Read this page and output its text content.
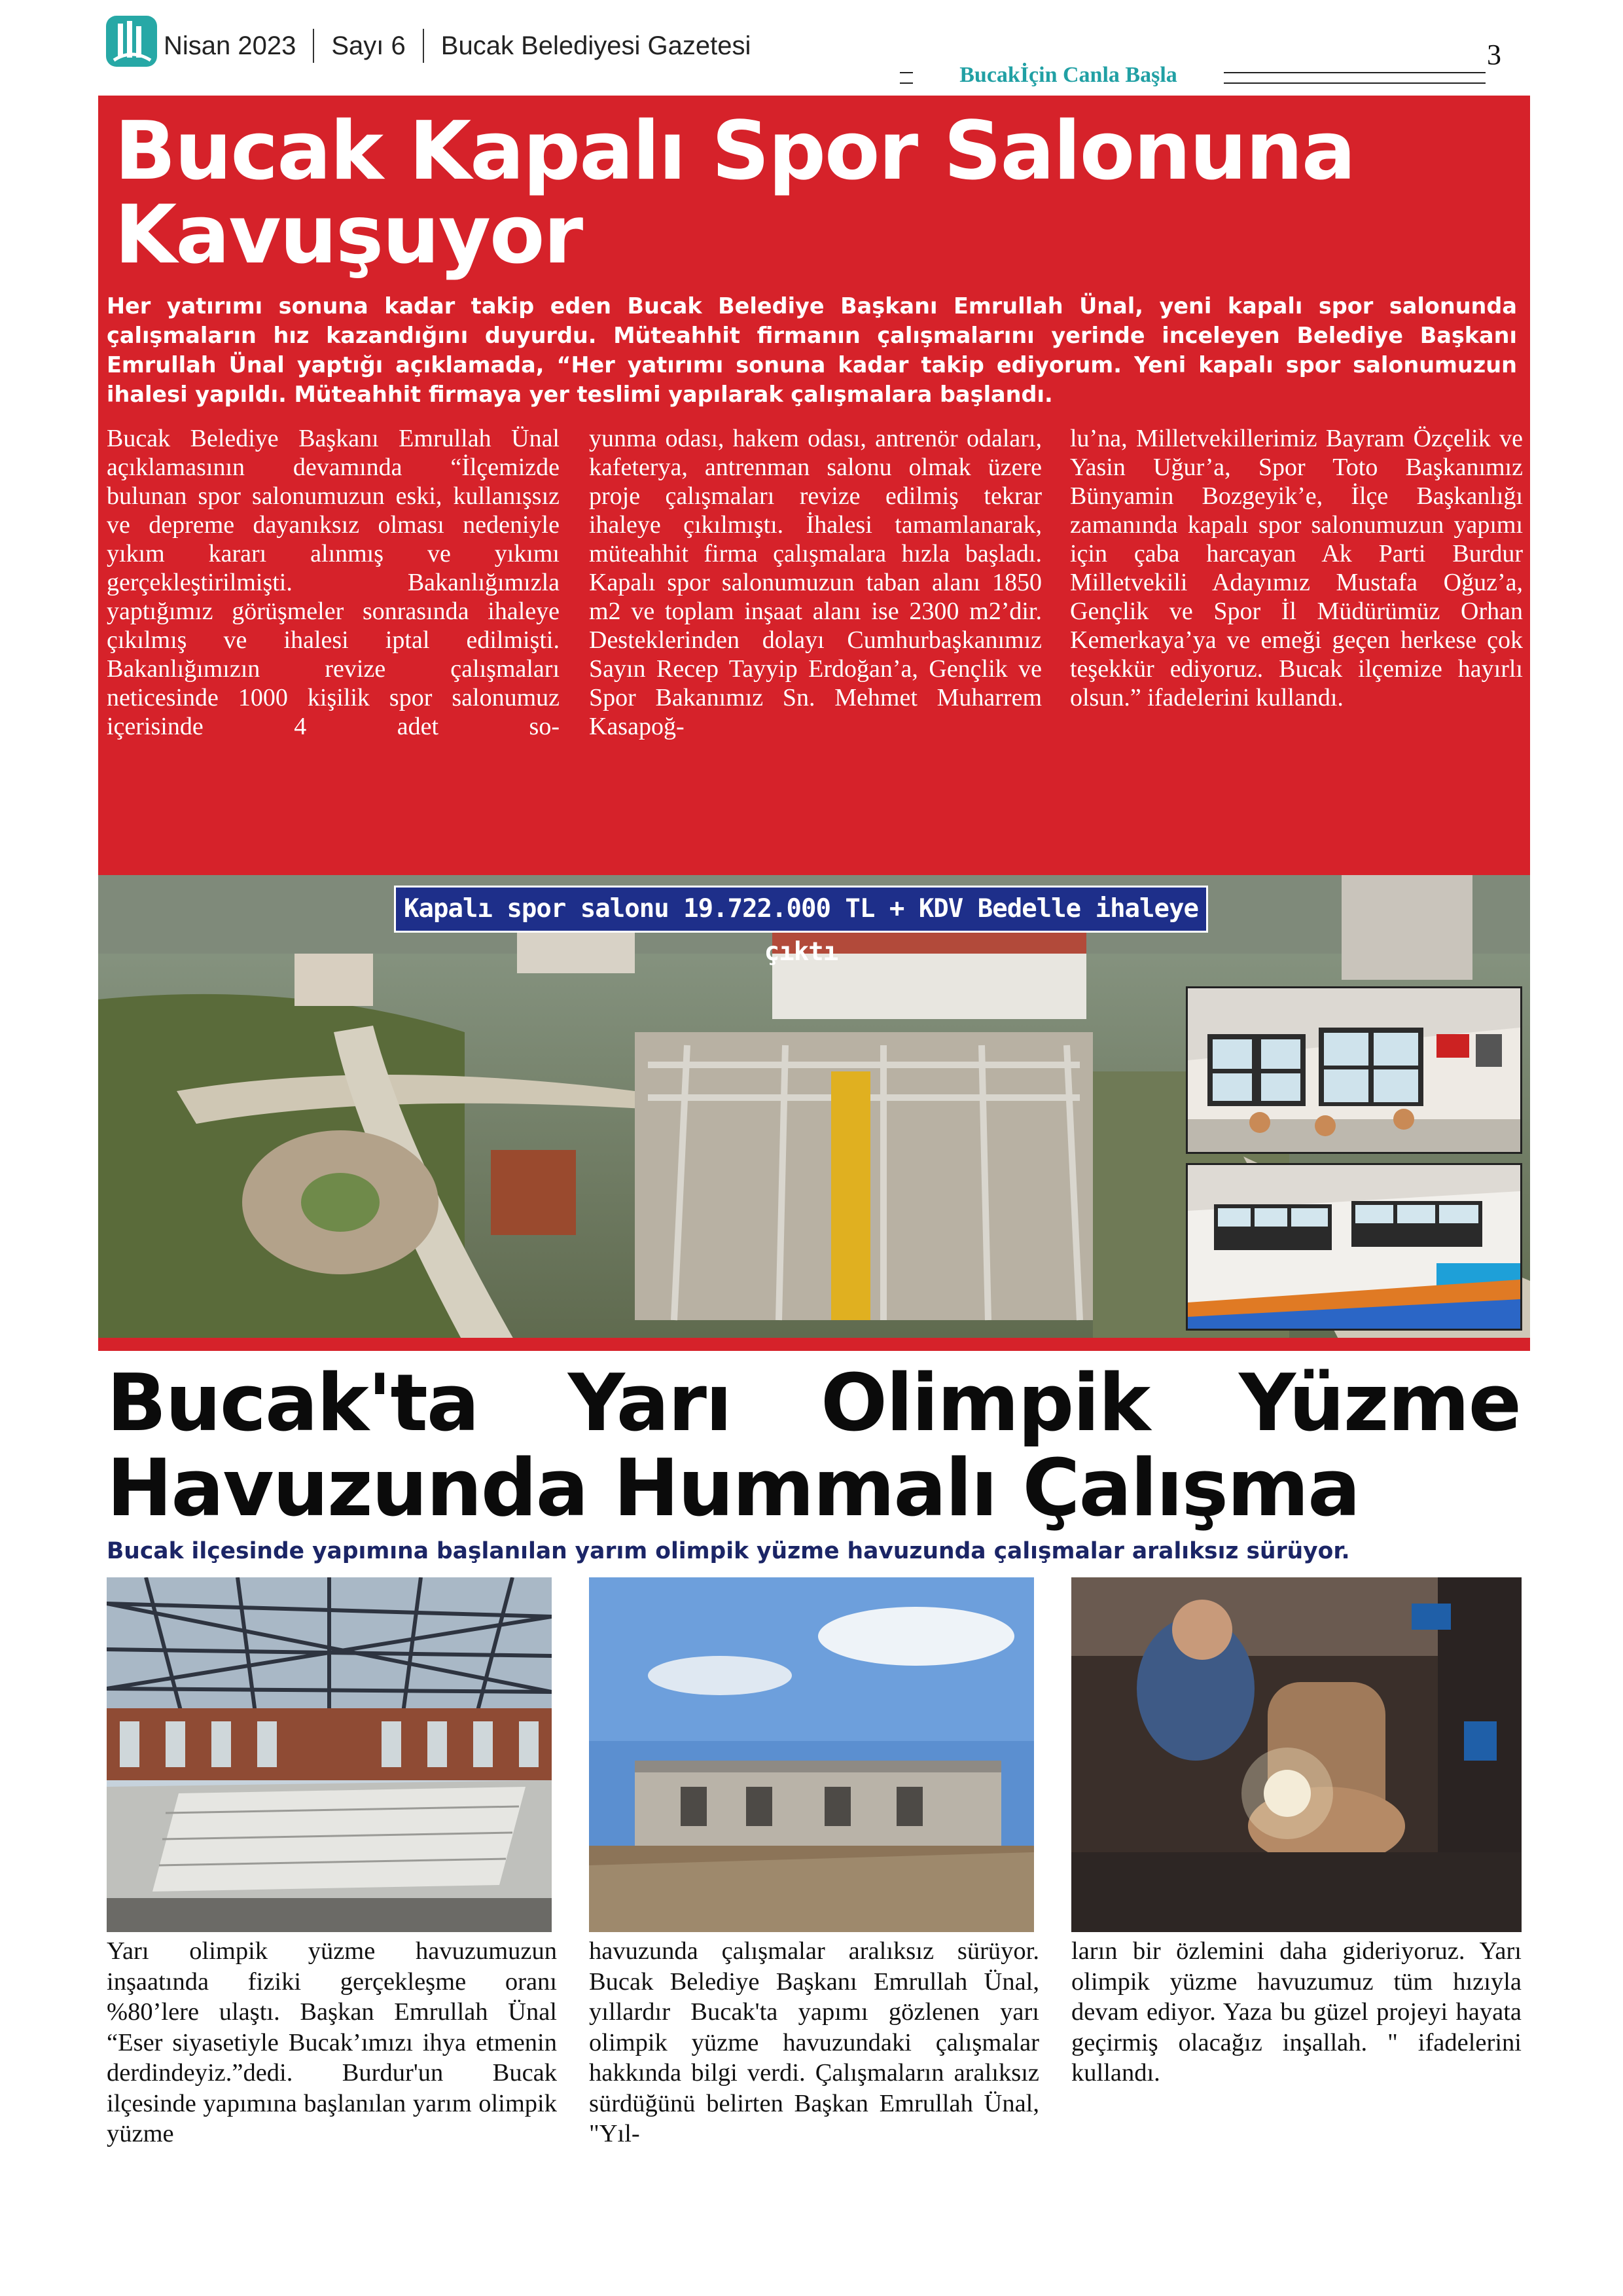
Nisan 2023 Sayı 6 Bucak Belediyesi Gazetesi	3
Bucakİçin Canla Başla
Bucak Kapalı Spor Salonuna Kavuşuyor
Her yatırımı sonuna kadar takip eden Bucak Belediye Başkanı Emrullah Ünal, yeni kapalı spor salonunda çalışmaların hız kazandığını duyurdu. Müteahhit firmanın çalışmalarını yerinde inceleyen Belediye Başkanı Emrullah Ünal yaptığı açıklamada, “Her yatırımı sonuna kadar takip ediyorum. Yeni kapalı spor salonumuzun ihalesi yapıldı. Müteahhit firmaya yer teslimi yapılarak çalışmalara başlandı.
Bucak Belediye Başkanı Emrullah Ünal açıklamasının devamında “İlçemizde bulunan spor salonumuzun eski, kullanışsız ve depreme dayanıksız olması nedeniyle yıkım kararı alınmış ve yıkımı gerçekleştirilmişti. Bakanlığımızla yaptığımız görüşmeler sonrasında ihaleye çıkılmış ve ihalesi iptal edilmişti. Bakanlığımızın revize çalışmaları neticesinde 1000 kişilik spor salonumuz içerisinde 4 adet so-
yunma odası, hakem odası, antrenör odaları, kafeterya, antrenman salonu olmak üzere proje çalışmaları revize edilmiş tekrar ihaleye çıkılmıştı. İhalesi tamamlanarak, müteahhit firma çalışmalara hızla başladı. Kapalı spor salonumuzun taban alanı 1850 m2 ve toplam inşaat alanı ise 2300 m2’dir. Desteklerinden dolayı Cumhurbaşkanımız Sayın Recep Tayyip Erdoğan’a, Gençlik ve Spor Bakanımız Sn. Mehmet Muharrem Kasapoğ-
lu’na, Milletvekillerimiz Bayram Özçelik ve Yasin Uğur’a, Spor Toto Başkanımız Bünyamin Bozgeyik’e, İlçe Başkanlığı zamanında kapalı spor salonumuzun yapımı için çaba harcayan Ak Parti Burdur Milletvekili Adayımız Mustafa Oğuz’a, Gençlik ve Spor İl Müdürümüz Orhan Kemerkaya’ya ve emeği geçen herkese çok teşekkür ediyoruz. Bucak ilçemize hayırlı olsun.” ifadelerini kullandı.
Kapalı spor salonu 19.722.000 TL + KDV Bedelle ihaleye çıktı
Bucak'ta Yarı Olimpik Yüzme
Havuzunda Hummalı Çalışma
Bucak ilçesinde yapımına başlanılan yarım olimpik yüzme havuzunda çalışmalar aralıksız sürüyor.
Yarı olimpik yüzme havuzumuzun inşaatında fiziki gerçekleşme oranı %80’lere ulaştı. Başkan Emrullah Ünal “Eser siyasetiyle Bucak’ımızı ihya etmenin derdindeyiz.”dedi. Burdur'un Bucak ilçesinde yapımına başlanılan yarım olimpik yüzme
havuzunda çalışmalar aralıksız sürüyor. Bucak Belediye Başkanı Emrullah Ünal, yıllardır Bucak'ta yapımı gözlenen yarı olimpik yüzme havuzundaki çalışmalar hakkında bilgi verdi. Çalışmaların aralıksız sürdüğünü belirten Başkan Emrullah Ünal, "Yıl-
ların bir özlemini daha gideriyoruz. Yarı olimpik yüzme havuzumuz tüm hızıyla devam ediyor. Yaza bu güzel projeyi hayata geçirmiş olacağız inşallah. " ifadelerini kullandı.
